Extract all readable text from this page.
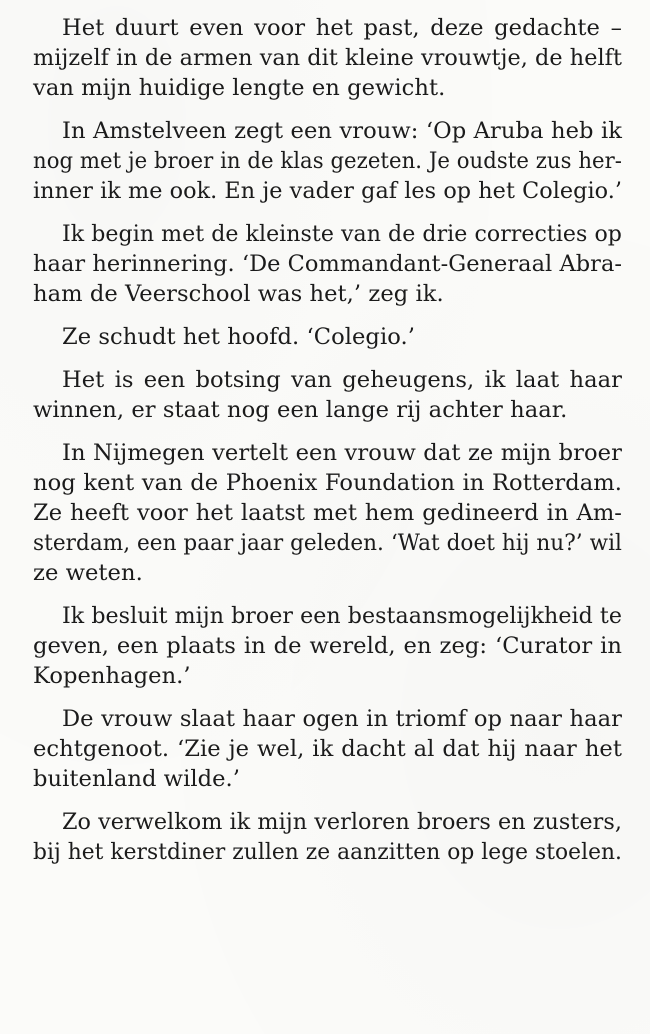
Het duurt even voor het past, deze gedachte –
mijzelf in de armen van dit kleine vrouwtje, de helft
van mijn huidige lengte en gewicht.

In Amstelveen zegt een vrouw: ‘Op Aruba heb ik
nog met je broer in de klas gezeten. Je oudste zus her-
inner ik me ook. En je vader gaf les op het Colegio.’

Ik begin met de kleinste van de drie correcties op
haar herinnering. ‘De Commandant-Generaal Abra-
ham de Veerschool was het,’ zeg ik.

Ze schudt het hoofd. ‘Colegio.’

Het is een botsing van geheugens, ik laat haar
winnen, er staat nog een lange rij achter haar.

In Nijmegen vertelt een vrouw dat ze mijn broer
nog kent van de Phoenix Foundation in Rotterdam.
Ze heeft voor het laatst met hem gedineerd in Am-
sterdam, een paar jaar geleden. ‘Wat doet hij nu?’ wil
ze weten.

Ik besluit mijn broer een bestaansmogelijkheid te
geven, een plaats in de wereld, en zeg: ‘Curator in
Kopenhagen.’

De vrouw slaat haar ogen in triomf op naar haar
echtgenoot. ‘Zie je wel, ik dacht al dat hij naar het
buitenland wilde.’

Zo verwelkom ik mijn verloren broers en zusters,
bij het kerstdiner zullen ze aanzitten op lege stoelen.
